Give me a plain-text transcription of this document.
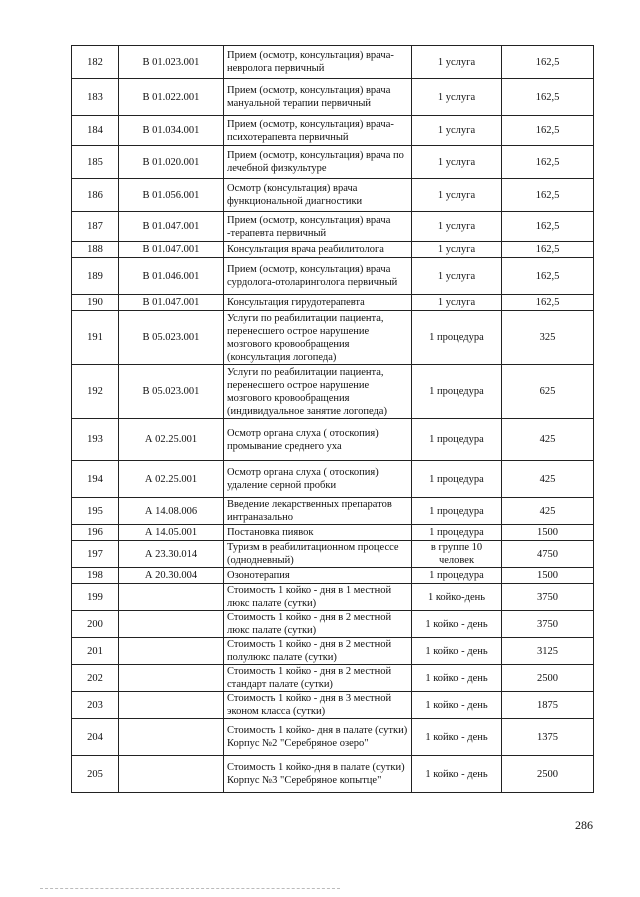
182	В 01.023.001	Прием (осмотр, консультация) врача-невролога первичный	1 услуга	162,5
183	В 01.022.001	Прием (осмотр, консультация) врача мануальной терапии первичный	1 услуга	162,5
184	В 01.034.001	Прием (осмотр, консультация) врача-психотерапевта первичный	1 услуга	162,5
185	В 01.020.001	Прием (осмотр, консультация) врача по лечебной физкультуре	1 услуга	162,5
186	В 01.056.001	Осмотр (консультация) врача функциональной диагностики	1 услуга	162,5
187	В 01.047.001	Прием (осмотр, консультация) врача -терапевта первичный	1 услуга	162,5
188	В 01.047.001	Консультация врача реабилитолога	1 услуга	162,5
189	В 01.046.001	Прием (осмотр, консультация) врача сурдолога-отоларинголога первичный	1 услуга	162,5
190	В 01.047.001	Консультация гирудотерапевта	1 услуга	162,5
191	В 05.023.001	Услуги по реабилитации пациента, перенесшего острое нарушение мозгового кровообращения (консультация логопеда)	1 процедура	325
192	В 05.023.001	Услуги по реабилитации пациента, перенесшего острое нарушение мозгового кровообращения (индивидуальное занятие логопеда)	1 процедура	625
193	А 02.25.001	Осмотр органа слуха ( отоскопия) промывание среднего уха	1 процедура	425
194	А 02.25.001	Осмотр органа слуха ( отоскопия) удаление серной пробки	1 процедура	425
195	А 14.08.006	Введение лекарственных препаратов интраназально	1 процедура	425
196	А 14.05.001	Постановка пиявок	1 процедура	1500
197	А 23.30.014	Туризм в реабилитационном процессе (однодневный)	в группе 10 человек	4750
198	А 20.30.004	Озонотерапия	1 процедура	1500
199		Стоимость 1 койко - дня в 1 местной люкс палате (сутки)	1 койко-день	3750
200		Стоимость 1 койко - дня в 2 местной люкс палате (сутки)	1 койко - день	3750
201		Стоимость 1 койко - дня в 2 местной полулюкс палате (сутки)	1 койко - день	3125
202		Стоимость 1 койко - дня в 2 местной стандарт палате (сутки)	1 койко - день	2500
203		Стоимость 1 койко - дня в 3 местной эконом класса (сутки)	1 койко - день	1875
204		Стоимость 1 койко- дня в палате (сутки) Корпус №2 "Серебряное озеро"	1 койко - день	1375
205		Стоимость 1 койко-дня в палате (сутки) Корпус №3 "Серебряное копытце"	1 койко - день	2500
286
